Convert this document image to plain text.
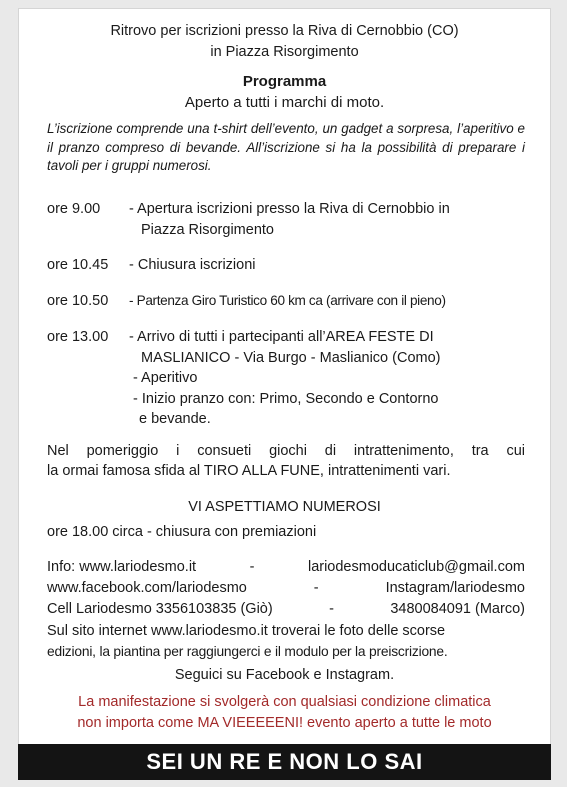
Ritrovo per iscrizioni presso la Riva di Cernobbio (CO)
in Piazza Risorgimento
Programma
Aperto a tutti i marchi di moto.
L’iscrizione comprende una t-shirt dell’evento, un gadget a sorpresa, l’aperitivo e il pranzo compreso di bevande. All’iscrizione si ha la possibilità di preparare i tavoli per i gruppi numerosi.
ore 9.00 - Apertura iscrizioni presso la Riva di Cernobbio in
Piazza Risorgimento
ore 10.45 - Chiusura iscrizioni
ore 10.50 - Partenza Giro Turistico 60 km ca (arrivare con il pieno)
ore 13.00 - Arrivo di tutti i partecipanti all’AREA FESTE DI
MASLIANICO - Via Burgo - Maslianico (Como)
- Aperitivo
- Inizio pranzo con: Primo, Secondo e Contorno
e bevande.
Nel pomeriggio i consueti giochi di intrattenimento, tra cui
la ormai famosa sfida al TIRO ALLA FUNE, intrattenimenti vari.
VI ASPETTIAMO NUMEROSI
ore 18.00 circa - chiusura con premiazioni
Info: www.lariodesmo.it	-	lariodesmoducaticlub@gmail.com
www.facebook.com/lariodesmo	-	Instagram/lariodesmo
Cell Lariodesmo 3356103835 (Giò)	-	3480084091 (Marco)
Sul sito internet www.lariodesmo.it troverai le foto delle scorse
edizioni, la piantina per raggiungerci e il modulo per la preiscrizione.
Seguici su Facebook e Instagram.
La manifestazione si svolgerà con qualsiasi condizione climatica
non importa come MA VIEEEEENI! evento aperto a tutte le moto
SEI UN RE E NON LO SAI
